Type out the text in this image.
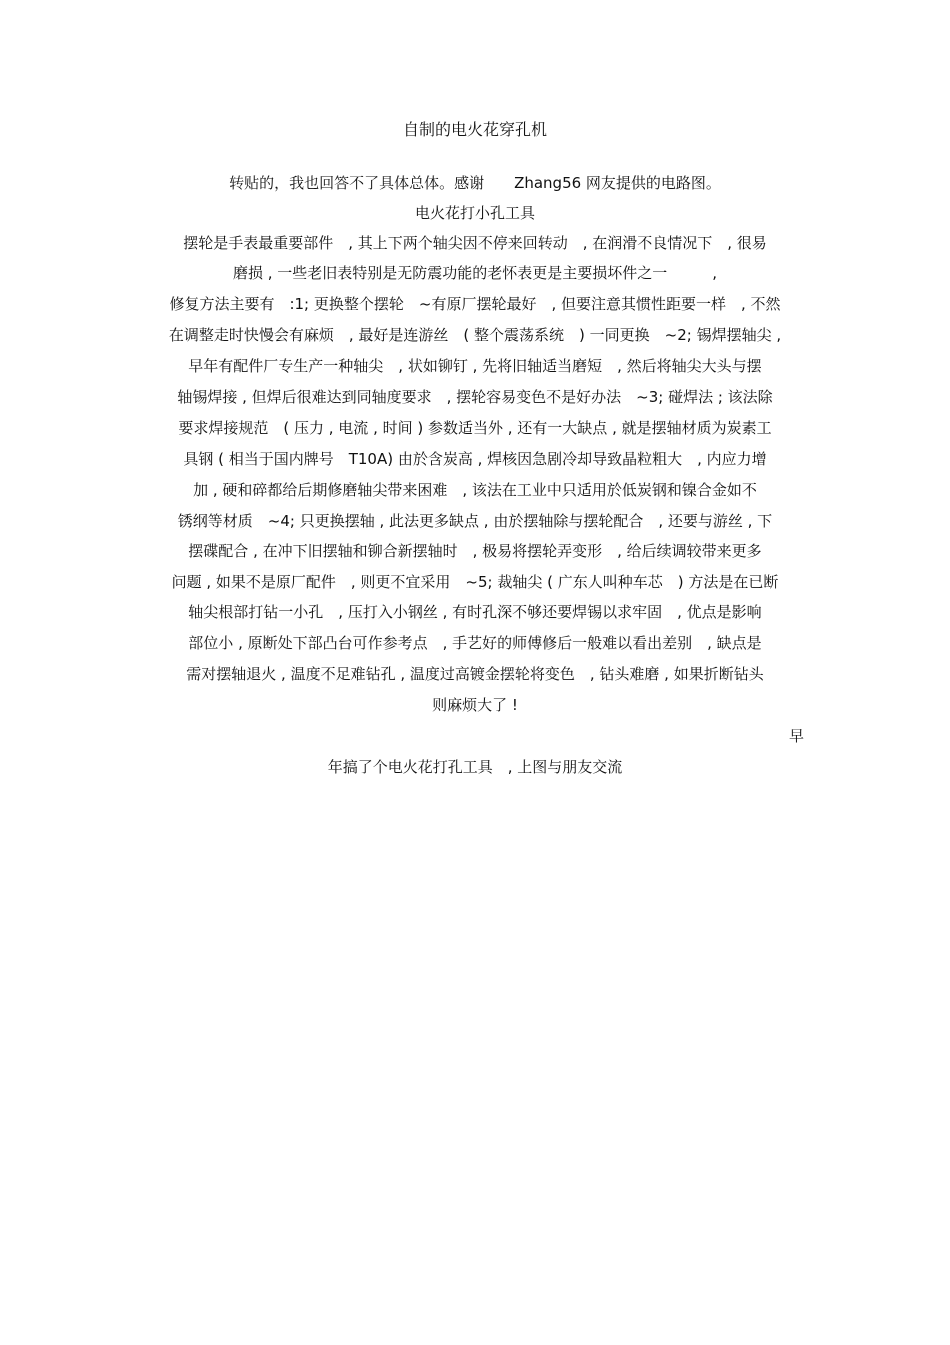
自制的电火花穿孔机
转贴的，我也回答不了具体总体。感谢　　Zhang56 网友提供的电路图。
电火花打小孔工具
摆轮是手表最重要部件　, 其上下两个轴尖因不停来回转动　, 在润滑不良情况下　, 很易
磨损 , 一些老旧表特别是无防震功能的老怀表更是主要损坏件之一　　　,
修复方法主要有　:1; 更换整个摆轮　~有原厂摆轮最好　, 但要注意其惯性距要一样　, 不然
在调整走时快慢会有麻烦　, 最好是连游丝　( 整个震荡系统　) 一同更换　~2; 锡焊摆轴尖 ,
早年有配件厂专生产一种轴尖　, 状如铆钉 , 先将旧轴适当磨短　, 然后将轴尖大头与摆
轴锡焊接 , 但焊后很难达到同轴度要求　, 摆轮容易变色不是好办法　~3; 碰焊法 ; 该法除
要求焊接规范　( 压力 , 电流 , 时间 ) 参数适当外 , 还有一大缺点 , 就是摆轴材质为炭素工
具钢 ( 相当于国内牌号　T10A) 由於含炭高 , 焊核因急剧冷却导致晶粒粗大　, 内应力增
加 , 硬和碎都给后期修磨轴尖带来困难　, 该法在工业中只适用於低炭钢和镍合金如不
锈纲等材质　~4; 只更换摆轴 , 此法更多缺点 , 由於摆轴除与摆轮配合　, 还要与游丝 , 下
摆碟配合 , 在冲下旧摆轴和铆合新摆轴时　, 极易将摆轮弄变形　, 给后续调较带来更多
问题 , 如果不是原厂配件　, 则更不宜采用　~5; 裁轴尖 ( 广东人叫种车芯　) 方法是在已断
轴尖根部打钻一小孔　, 压打入小钢丝 , 有时孔深不够还要焊锡以求牢固　, 优点是影响
部位小 , 原断处下部凸台可作参考点　, 手艺好的师傅修后一般难以看出差别　, 缺点是
需对摆轴退火 , 温度不足难钻孔 , 温度过高镀金摆轮将变色　, 钻头难磨 , 如果折断钻头
则麻烦大了 !
早
年搞了个电火花打孔工具　, 上图与朋友交流
